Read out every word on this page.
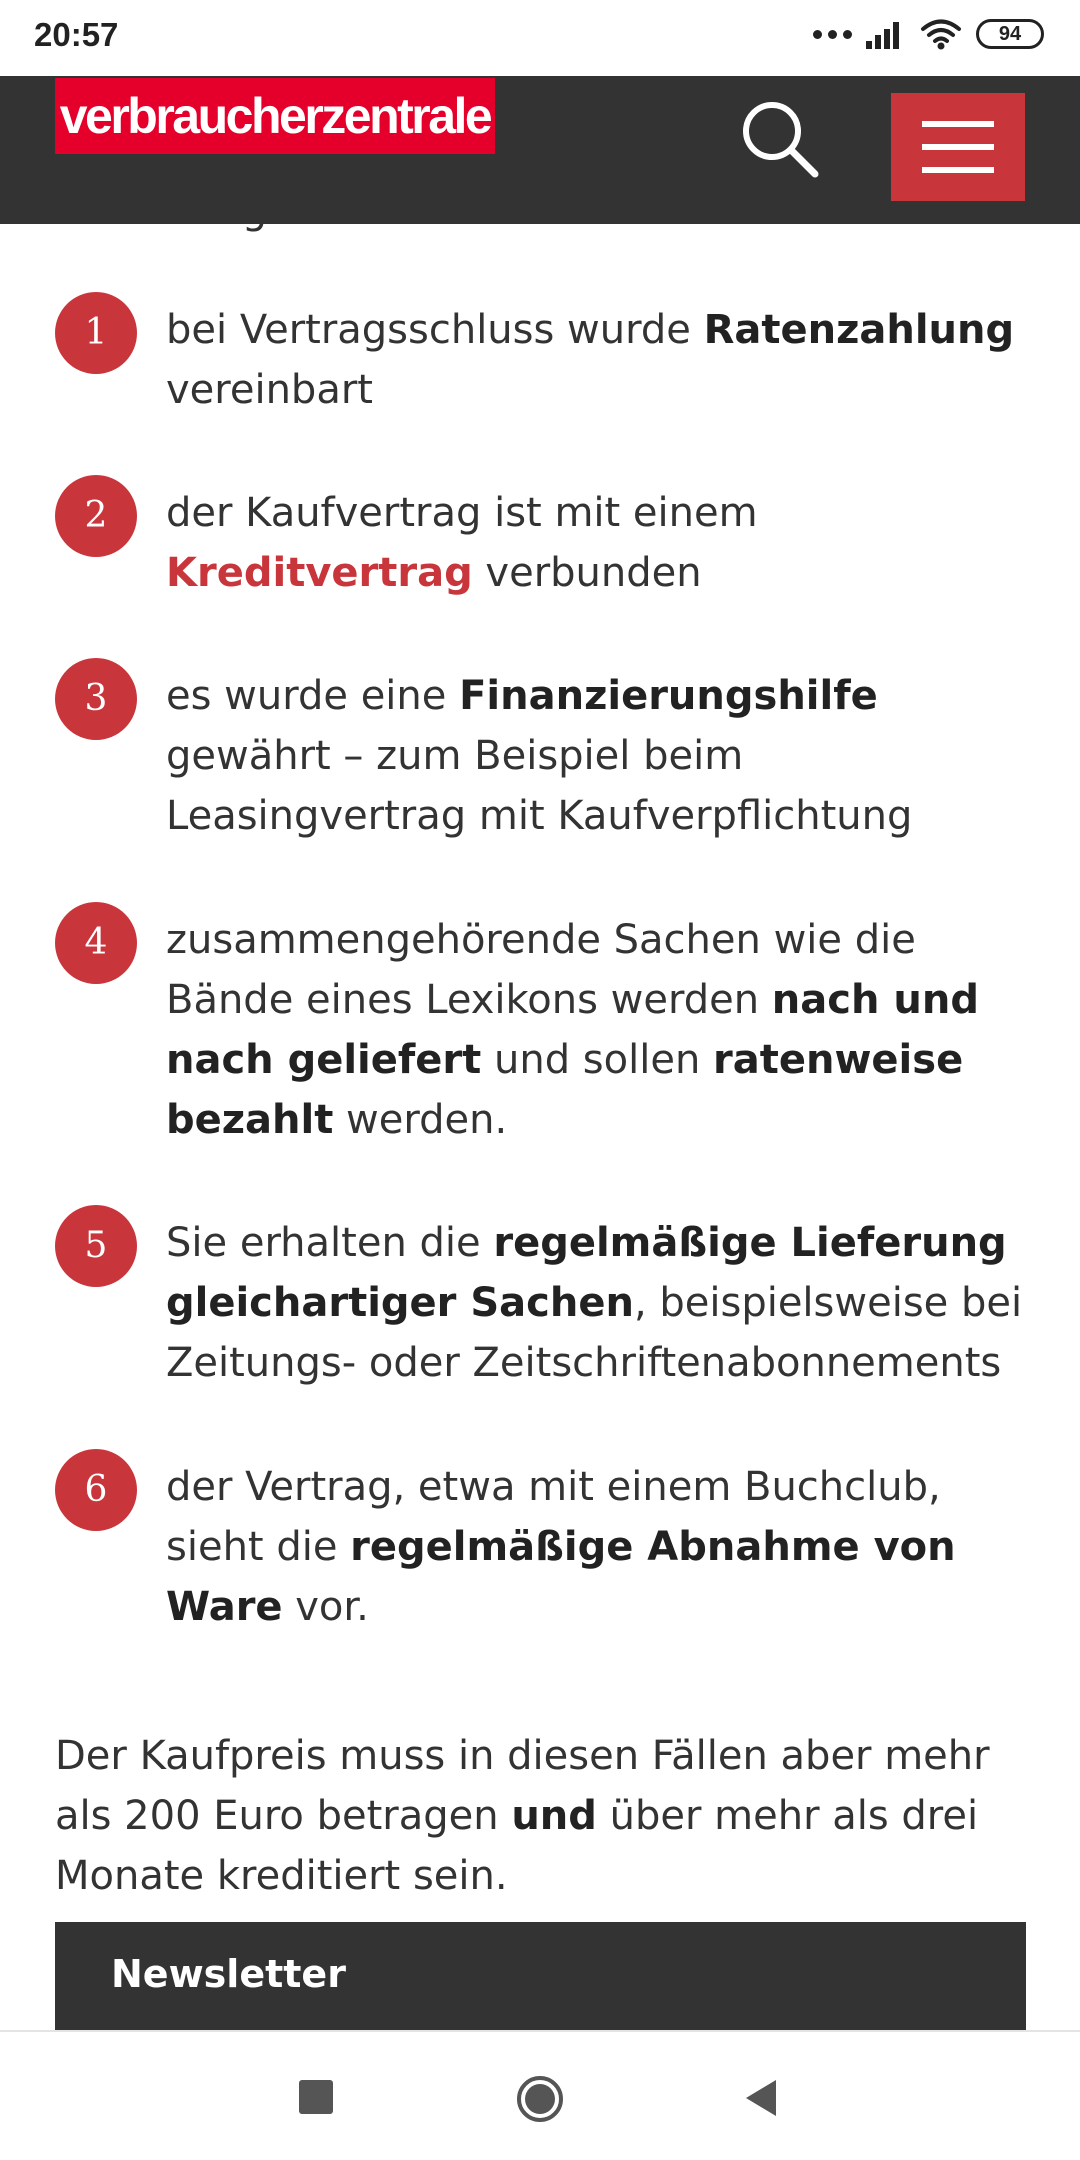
20:57	94
verbraucherzentrale
1	bei Vertragsschluss wurde Ratenzahlung vereinbart
2	der Kaufvertrag ist mit einem Kreditvertrag verbunden
3	es wurde eine Finanzierungshilfe gewährt – zum Beispiel beim Leasingvertrag mit Kaufverpflichtung
4	zusammengehörende Sachen wie die Bände eines Lexikons werden nach und nach geliefert und sollen ratenweise bezahlt werden.
5	Sie erhalten die regelmäßige Lieferung gleichartiger Sachen, beispielsweise bei Zeitungs- oder Zeitschriftenabonnements
6	der Vertrag, etwa mit einem Buchclub, sieht die regelmäßige Abnahme von Ware vor.
Der Kaufpreis muss in diesen Fällen aber mehr als 200 Euro betragen und über mehr als drei Monate kreditiert sein.
Newsletter
